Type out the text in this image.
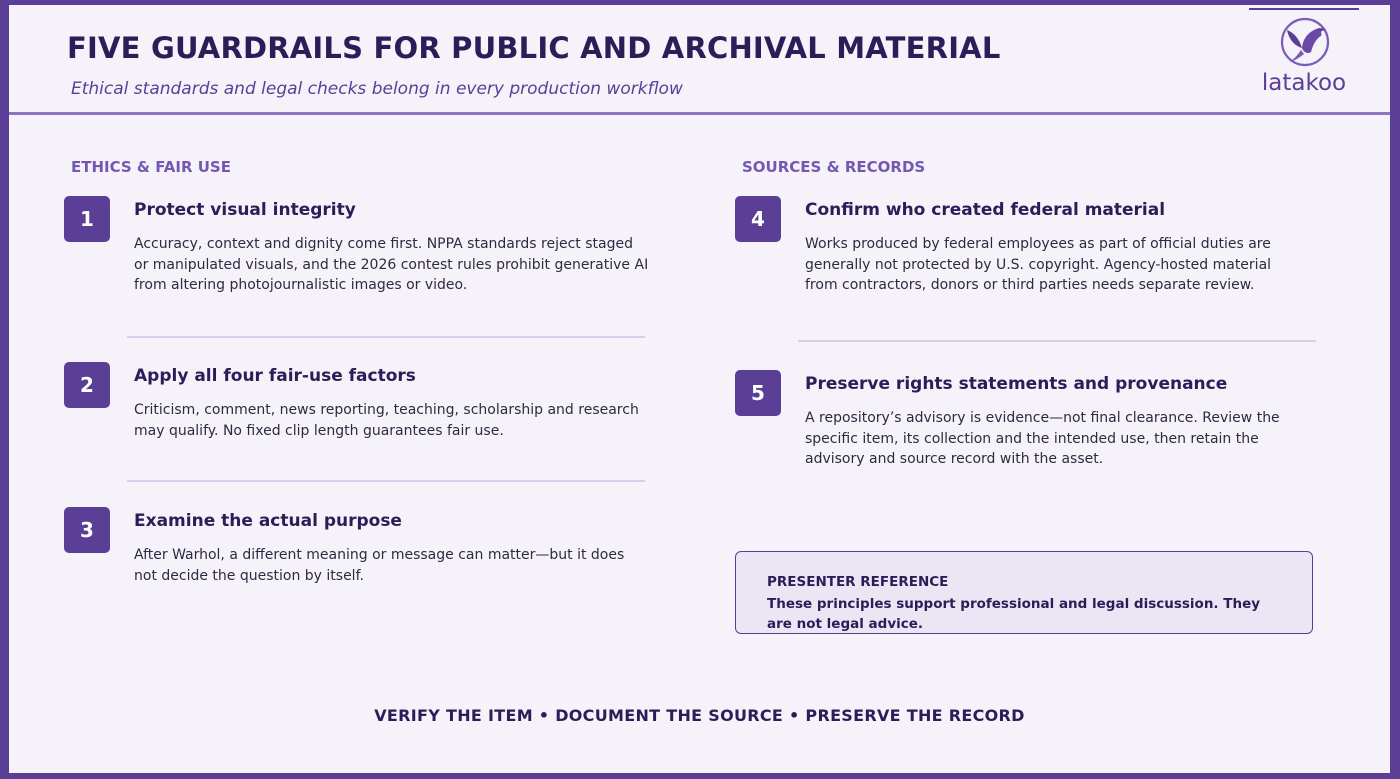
FIVE GUARDRAILS FOR PUBLIC AND ARCHIVAL MATERIAL
Ethical standards and legal checks belong in every production workflow	latakoo
ETHICS & FAIR USE	SOURCES & RECORDS
1	Protect visual integrity
Accuracy, context and dignity come first. NPPA standards reject staged or manipulated visuals, and the 2026 contest rules prohibit generative AI from altering photojournalistic images or video.
2	Apply all four fair-use factors
Criticism, comment, news reporting, teaching, scholarship and research may qualify. No fixed clip length guarantees fair use.
3	Examine the actual purpose
After Warhol, a different meaning or message can matter—but it does not decide the question by itself.
4	Confirm who created federal material
Works produced by federal employees as part of official duties are generally not protected by U.S. copyright. Agency-hosted material from contractors, donors or third parties needs separate review.
5	Preserve rights statements and provenance
A repository’s advisory is evidence—not final clearance. Review the specific item, its collection and the intended use, then retain the advisory and source record with the asset.
PRESENTER REFERENCE
These principles support professional and legal discussion. They are not legal advice.
VERIFY THE ITEM • DOCUMENT THE SOURCE • PRESERVE THE RECORD
